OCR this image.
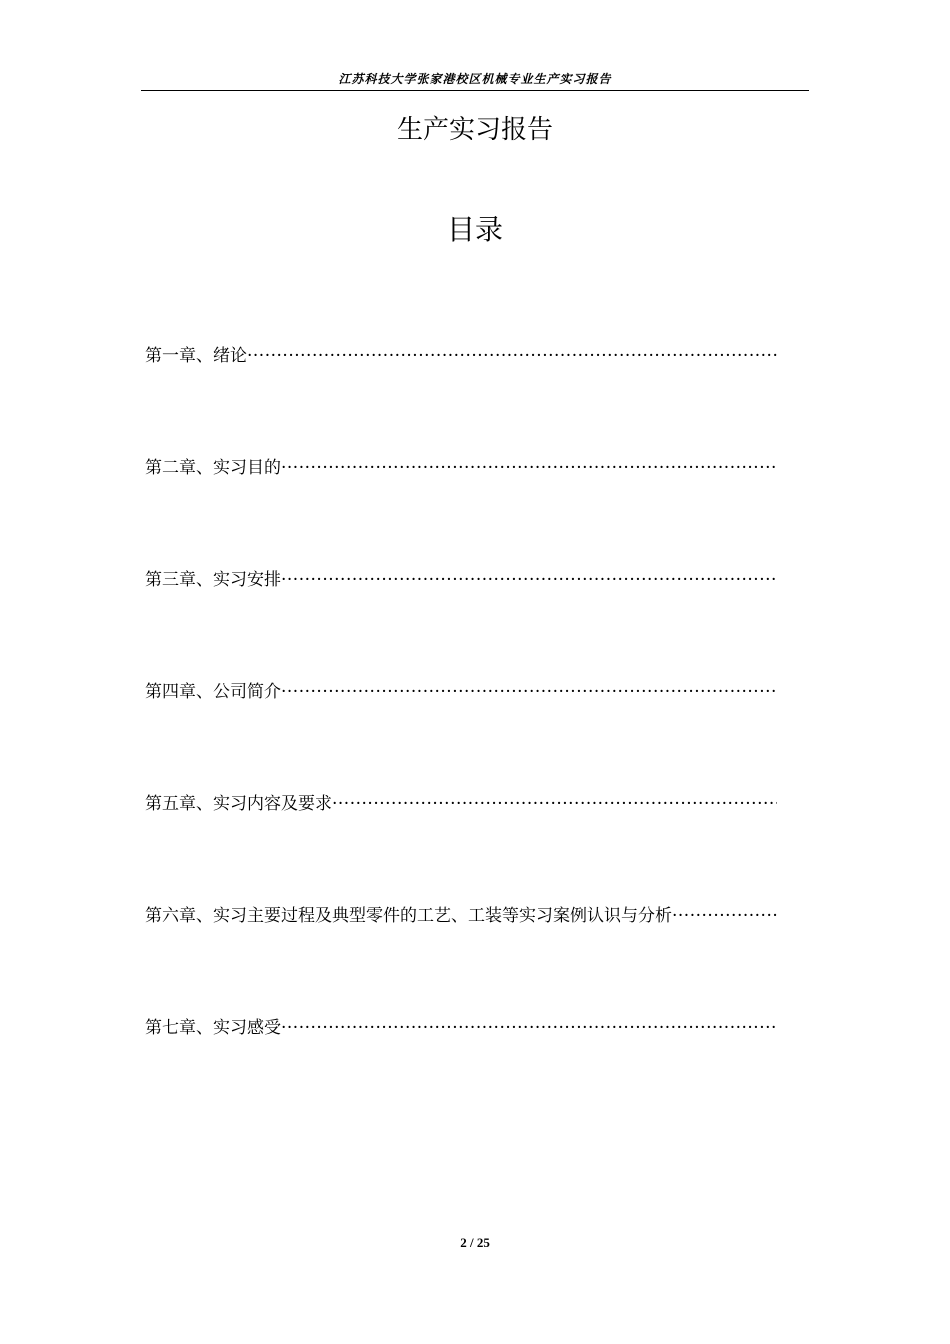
江苏科技大学张家港校区机械专业生产实习报告
生产实习报告
目录
第一章、绪论
·····
第二章、实习目的
·····
第三章、实习安排
·····
第四章、公司简介
·····
第五章、实习内容及要求
·····
第六章、实习主要过程及典型零件的工艺、工装等实习案例认识与分析
·····
第七章、实习感受
·····
2 / 25
